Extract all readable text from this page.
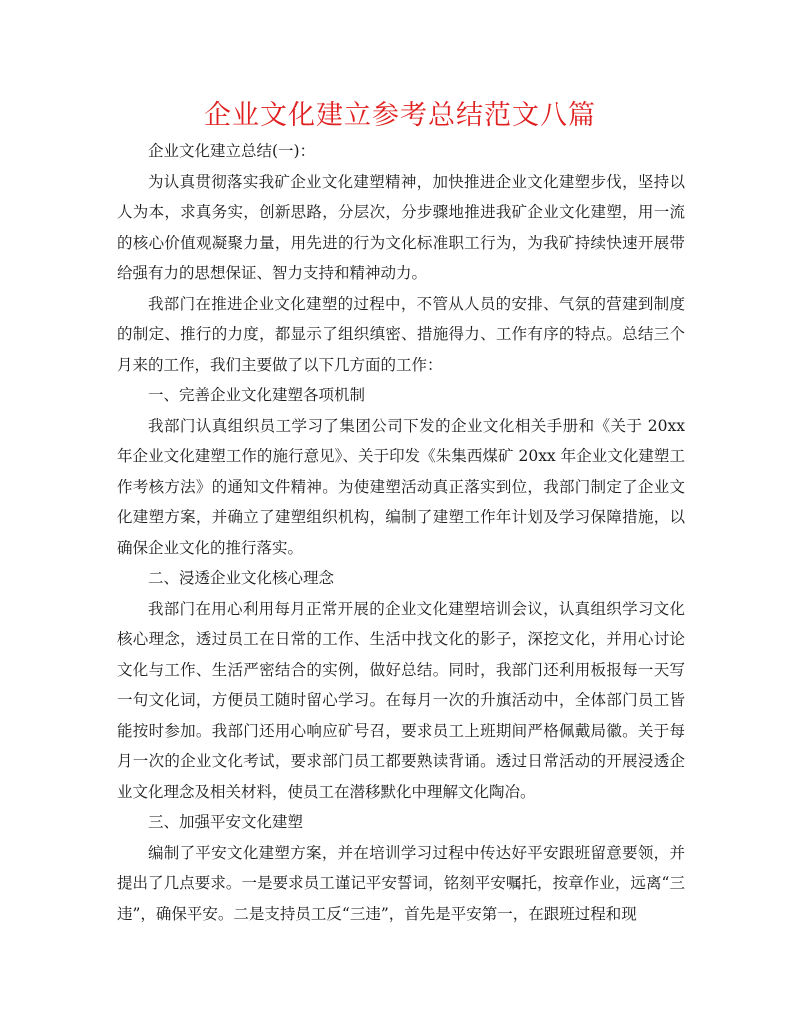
企业文化建立参考总结范文八篇

企业文化建立总结(一)：

为认真贯彻落实我矿企业文化建塑精神，加快推进企业文化建塑步伐，坚持以人为本，求真务实，创新思路，分层次，分步骤地推进我矿企业文化建塑，用一流的核心价值观凝聚力量，用先进的行为文化标准职工行为，为我矿持续快速开展带给强有力的思想保证、智力支持和精神动力。

我部门在推进企业文化建塑的过程中，不管从人员的安排、气氛的营建到制度的制定、推行的力度，都显示了组织缜密、措施得力、工作有序的特点。总结三个月来的工作，我们主要做了以下几方面的工作：

一、完善企业文化建塑各项机制

我部门认真组织员工学习了集团公司下发的企业文化相关手册和《关于 20xx 年企业文化建塑工作的施行意见》、关于印发《朱集西煤矿 20xx 年企业文化建塑工作考核方法》的通知文件精神。为使建塑活动真正落实到位，我部门制定了企业文化建塑方案，并确立了建塑组织机构，编制了建塑工作年计划及学习保障措施，以确保企业文化的推行落实。

二、浸透企业文化核心理念

我部门在用心利用每月正常开展的企业文化建塑培训会议，认真组织学习文化核心理念，透过员工在日常的工作、生活中找文化的影子，深挖文化，并用心讨论文化与工作、生活严密结合的实例，做好总结。同时，我部门还利用板报每一天写一句文化词，方便员工随时留心学习。在每月一次的升旗活动中，全体部门员工皆能按时参加。我部门还用心响应矿号召，要求员工上班期间严格佩戴局徽。关于每月一次的企业文化考试，要求部门员工都要熟读背诵。透过日常活动的开展浸透企业文化理念及相关材料，使员工在潜移默化中理解文化陶冶。

三、加强平安文化建塑

编制了平安文化建塑方案，并在培训学习过程中传达好平安跟班留意要领，并提出了几点要求。一是要求员工谨记平安誓词，铭刻平安嘱托，按章作业，远离“三违”，确保平安。二是支持员工反“三违”，首先是平安第一，在跟班过程和现
